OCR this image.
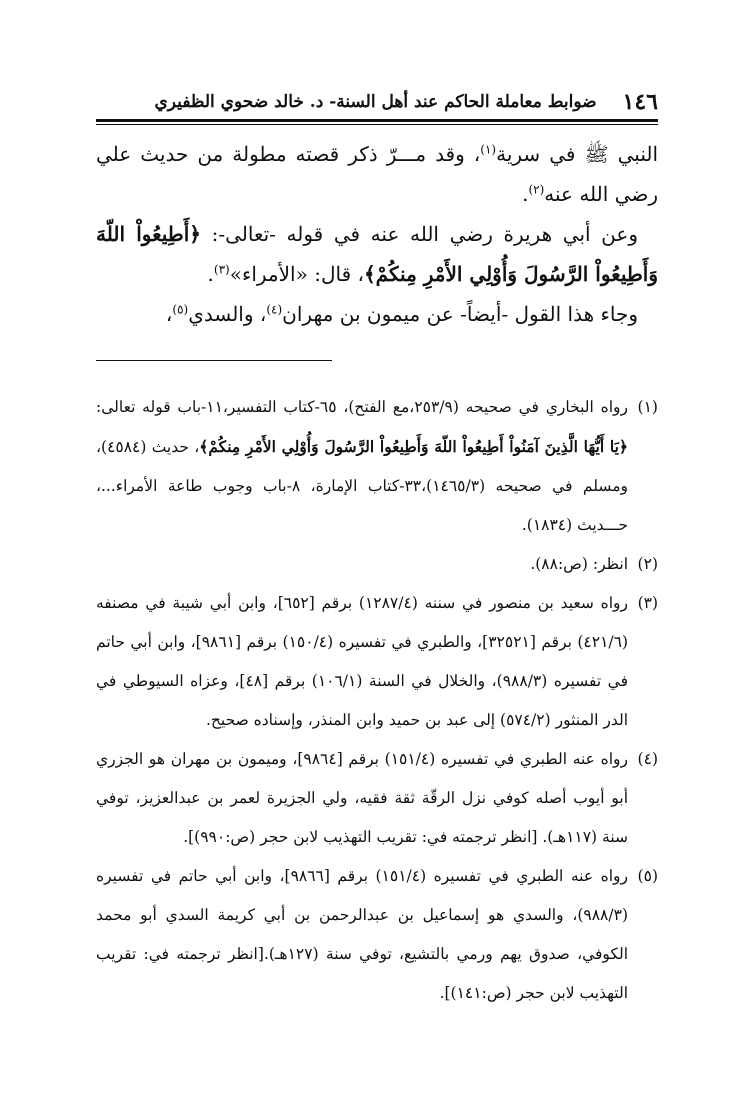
١٤٦
ضوابط معاملة الحاكم عند أهل السنة- د. خالد ضحوي الظفيري

النبي ﷺ في سرية$^{(١)}$، وقد مـــرّ ذكر قصته مطولة من حديث علي رضي الله عنه$^{(٢)}$.

وعن أبي هريرة رضي الله عنه في قوله -تعالى-: ﴿أَطِيعُواْ اللّهَ وَأَطِيعُواْ الرَّسُولَ وَأُوْلِي الأَمْرِ مِنكُمْ﴾، قال: «الأمراء»$^{(٣)}$.

وجاء هذا القول -أيضاً- عن ميمون بن مهران$^{(٤)}$، والسدي$^{(٥)}$،

(١)رواه البخاري في صحيحه (٢٥٣/٩،مع الفتح)، ٦٥-كتاب التفسير،١١-باب قوله تعالى: ﴿يَا أَيُّهَا الَّذِينَ آمَنُواْ أَطِيعُواْ اللّهَ وَأَطِيعُواْ الرَّسُولَ وَأُوْلِي الأَمْرِ مِنكُمْ﴾، حديث (٤٥٨٤)، ومسلم في صحيحه (١٤٦٥/٣)،٣٣-كتاب الإمارة، ٨-باب وجوب طاعة الأمراء...، حـــديث (١٨٣٤).

(٢)انظر: (ص:٨٨).

(٣)رواه سعيد بن منصور في سننه (١٢٨٧/٤) برقم [٦٥٢]، وابن أبي شيبة في مصنفه (٤٢١/٦) برقم [٣٢٥٢١]، والطبري في تفسيره (١٥٠/٤) برقم [٩٨٦١]، وابن أبي حاتم في تفسيره (٩٨٨/٣)، والخلال في السنة (١٠٦/١) برقم [٤٨]، وعزاه السيوطي في الدر المنثور (٥٧٤/٢) إلى عبد بن حميد وابن المنذر، وإسناده صحيح.

(٤)رواه عنه الطبري في تفسيره (١٥١/٤) برقم [٩٨٦٤]، وميمون بن مهران هو الجزري أبو أيوب أصله كوفي نزل الرقّة ثقة فقيه، ولي الجزيرة لعمر بن عبدالعزيز، توفي سنة (١١٧هـ). [انظر ترجمته في: تقريب التهذيب لابن حجر (ص:٩٩٠)].

(٥)رواه عنه الطبري في تفسيره (١٥١/٤) برقم [٩٨٦٦]، وابن أبي حاتم في تفسيره (٩٨٨/٣)، والسدي هو إسماعيل بن عبدالرحمن بن أبي كريمة السدي أبو محمد الكوفي، صدوق يهم ورمي بالتشيع، توفي سنة (١٢٧هـ).[انظر ترجمته في: تقريب التهذيب لابن حجر (ص:١٤١)].
